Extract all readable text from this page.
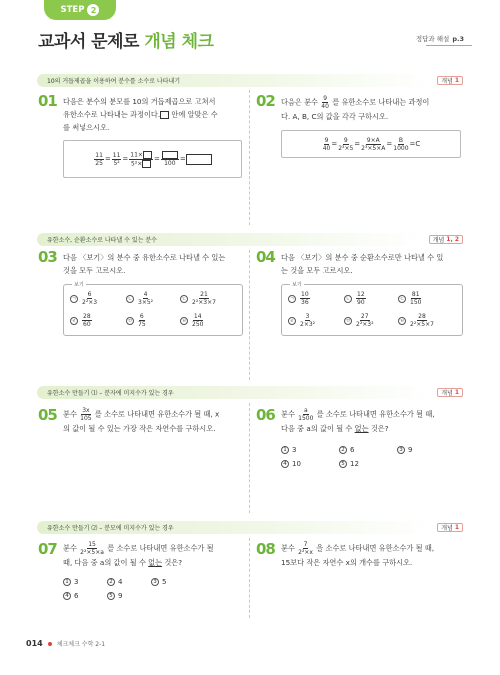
STEP 2
교과서 문제로 개념 체크	정답과 해설 p.3
10의 거듭제곱을 이용하여 분수를 소수로 나타내기	개념 1
01 다음은 분수의 분모를 10의 거듭제곱으로 고쳐서
유한소수로 나타내는 과정이다. 안에 알맞은 수
를 써넣으시오.
$\frac{11}{25} = \frac{11}{\text{5²}} = \frac{11\times}{\text{5²×}}$ =
100
=
02 다음은 분수 $\frac{9}{40}$ 를 유한소수로 나타내는 과정이
다. A, B, C의 값을 각각 구하시오.
$\frac{9}{40} = \frac{9}{\text{2³×5}} = \frac{9\times A}{\text{2³×5×A}} = \frac{B}{1000} = C$
유한소수, 순환소수로 나타낼 수 있는 분수	개념 1, 2
03 다음 〈보기〉의 분수 중 유한소수로 나타낼 수 있는
것을 모두 고르시오.
보기
ㄱ $\frac{6}{\text{2²×3}}$	ㄴ $\frac{4}{\text{3×5²}}$	ㄷ $\frac{21}{\text{2²×3×7}}$
ㄹ $\frac{28}{60}$	ㅁ $\frac{6}{75}$	ㅂ $\frac{14}{250}$
04 다음 〈보기〉의 분수 중 순환소수로만 나타낼 수 있
는 것을 모두 고르시오.
보기
ㄱ $\frac{10}{36}$	ㄴ $\frac{12}{90}$	ㄷ $\frac{81}{150}$
ㄹ $\frac{3}{\text{2×3²}}$	ㅁ $\frac{27}{\text{2²×3²}}$	ㅂ $\frac{28}{\text{2²×5×7}}$
유한소수 만들기 ⑴ – 분자에 미지수가 있는 경우	개념 1
05 분수 $\frac{3x}{105}$ 를 소수로 나타내면 유한소수가 될 때, x
의 값이 될 수 있는 가장 작은 자연수를 구하시오.
06 분수 $\frac{a}{1500}$ 를 소수로 나타내면 유한소수가 될 때,
다음 중 a의 값이 될 수 없는 것은?
1 3	2 6	3 9
4 10	5 12
유한소수 만들기 ⑵ – 분모에 미지수가 있는 경우	개념 1
07 분수 $\frac{15}{\text{2²×5×a}}$ 를 소수로 나타내면 유한소수가 될
때, 다음 중 a의 값이 될 수 없는 것은?
1 3	2 4	3 5
4 6	5 9
08 분수 $\frac{7}{\text{2²×x}}$ 을 소수로 나타내면 유한소수가 될 때,
15보다 작은 자연수 x의 개수를 구하시오.
014 체크체크 수학 2-1
